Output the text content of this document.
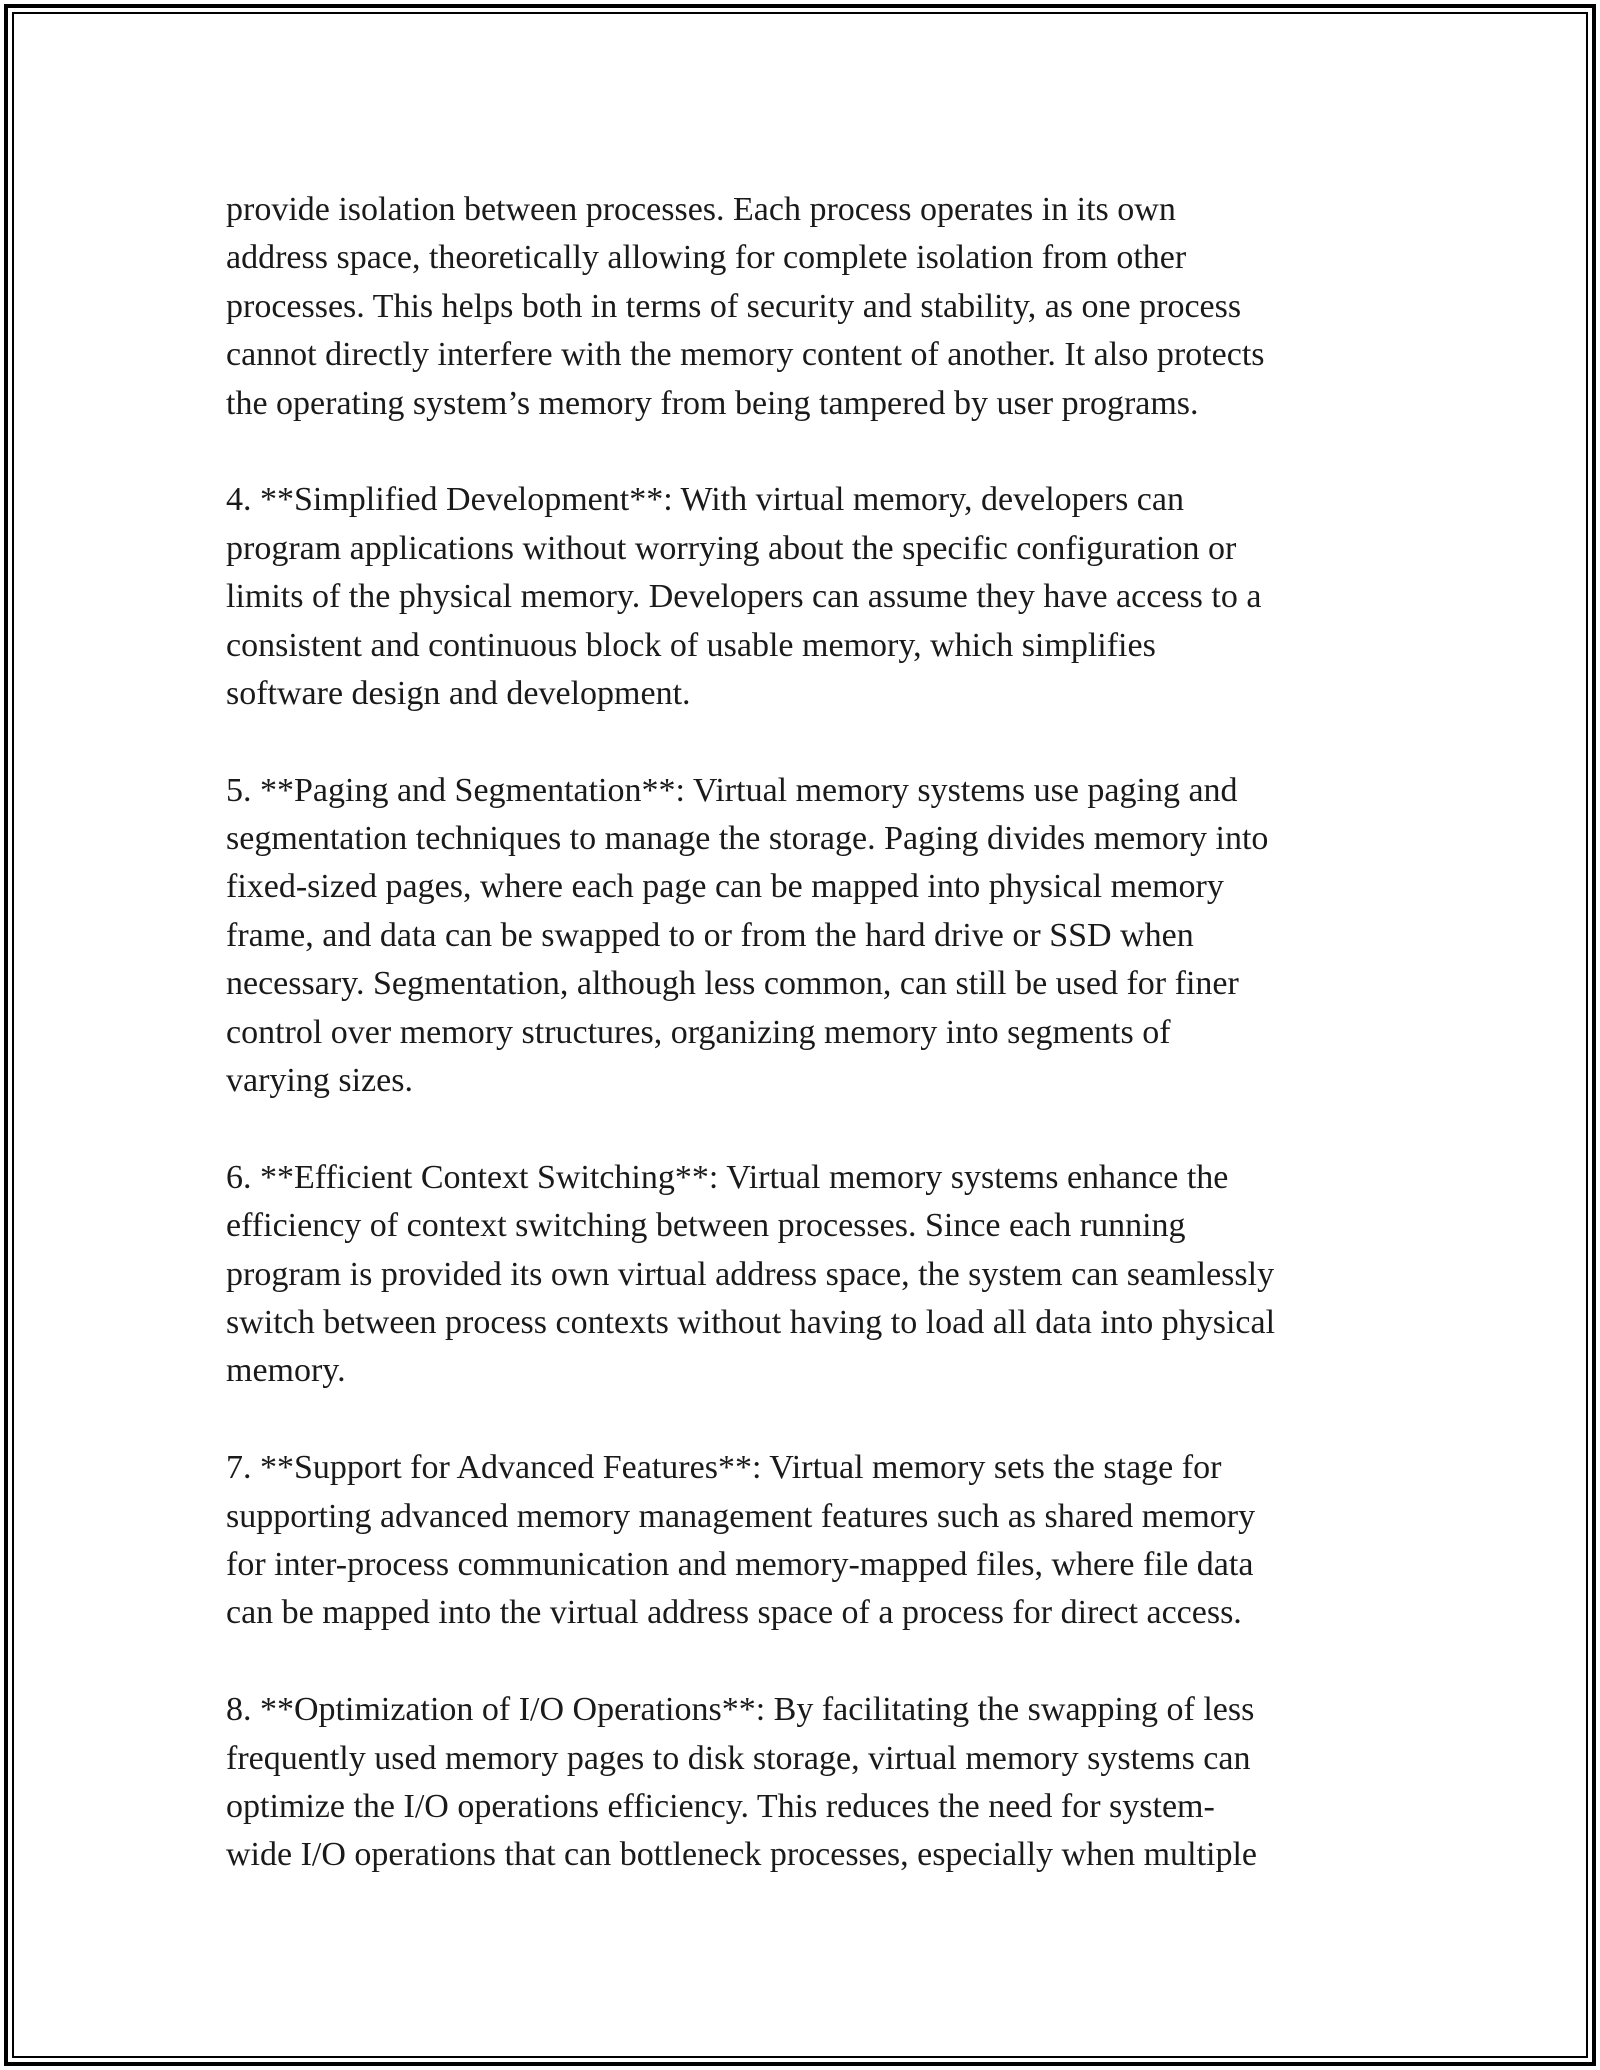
provide isolation between processes. Each process operates in its own
address space, theoretically allowing for complete isolation from other
processes. This helps both in terms of security and stability, as one process
cannot directly interfere with the memory content of another. It also protects
the operating system’s memory from being tampered by user programs.
4. **Simplified Development**: With virtual memory, developers can
program applications without worrying about the specific configuration or
limits of the physical memory. Developers can assume they have access to a
consistent and continuous block of usable memory, which simplifies
software design and development.
5. **Paging and Segmentation**: Virtual memory systems use paging and
segmentation techniques to manage the storage. Paging divides memory into
fixed-sized pages, where each page can be mapped into physical memory
frame, and data can be swapped to or from the hard drive or SSD when
necessary. Segmentation, although less common, can still be used for finer
control over memory structures, organizing memory into segments of
varying sizes.
6. **Efficient Context Switching**: Virtual memory systems enhance the
efficiency of context switching between processes. Since each running
program is provided its own virtual address space, the system can seamlessly
switch between process contexts without having to load all data into physical
memory.
7. **Support for Advanced Features**: Virtual memory sets the stage for
supporting advanced memory management features such as shared memory
for inter-process communication and memory-mapped files, where file data
can be mapped into the virtual address space of a process for direct access.
8. **Optimization of I/O Operations**: By facilitating the swapping of less
frequently used memory pages to disk storage, virtual memory systems can
optimize the I/O operations efficiency. This reduces the need for system-
wide I/O operations that can bottleneck processes, especially when multiple
